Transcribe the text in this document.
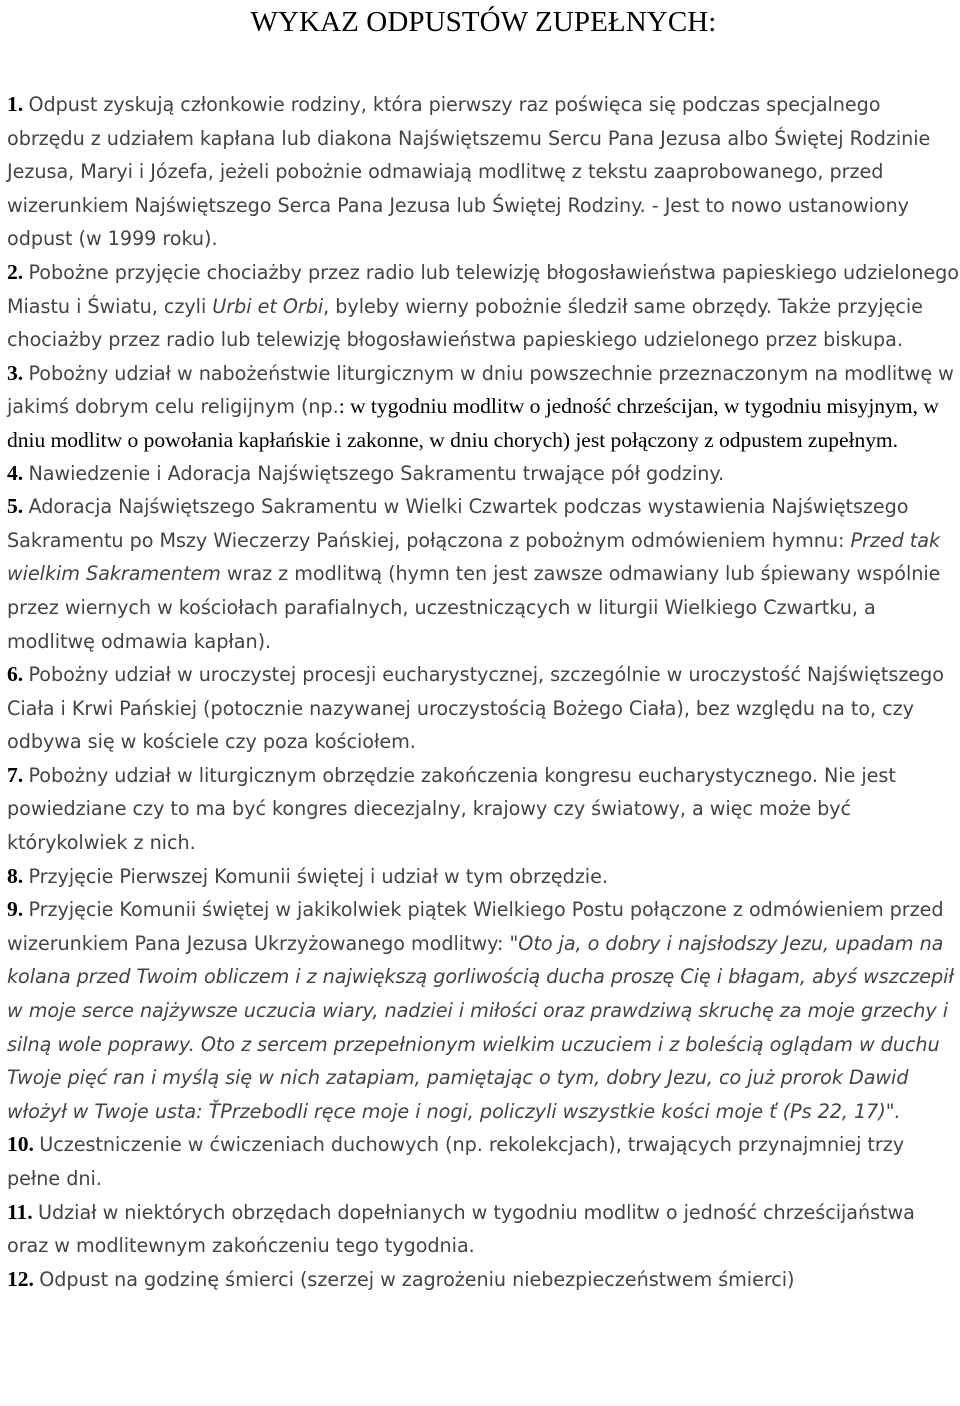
WYKAZ ODPUSTÓW ZUPEŁNYCH:

1. Odpust zyskują członkowie rodziny, która pierwszy raz poświęca się podczas specjalnego obrzędu z udziałem kapłana lub diakona Najświętszemu Sercu Pana Jezusa albo Świętej Rodzinie Jezusa, Maryi i Józefa, jeżeli pobożnie odmawiają modlitwę z tekstu zaaprobowanego, przed wizerunkiem Najświętszego Serca Pana Jezusa lub Świętej Rodziny. - Jest to nowo ustanowiony odpust (w 1999 roku).

2. Pobożne przyjęcie chociażby przez radio lub telewizję błogosławieństwa papieskiego udzielonego Miastu i Światu, czyli Urbi et Orbi, byleby wierny pobożnie śledził same obrzędy. Także przyjęcie chociażby przez radio lub telewizję błogosławieństwa papieskiego udzielonego przez biskupa.

3. Pobożny udział w nabożeństwie liturgicznym w dniu powszechnie przeznaczonym na modlitwę w jakimś dobrym celu religijnym (np.: w tygodniu modlitw o jedność chrześcijan, w tygodniu misyjnym, w dniu modlitw o powołania kapłańskie i zakonne, w dniu chorych) jest połączony z odpustem zupełnym.

4. Nawiedzenie i Adoracja Najświętszego Sakramentu trwające pół godziny.

5. Adoracja Najświętszego Sakramentu w Wielki Czwartek podczas wystawienia Najświętszego Sakramentu po Mszy Wieczerzy Pańskiej, połączona z pobożnym odmówieniem hymnu: Przed tak wielkim Sakramentem wraz z modlitwą (hymn ten jest zawsze odmawiany lub śpiewany wspólnie przez wiernych w kościołach parafialnych, uczestniczących w liturgii Wielkiego Czwartku, a modlitwę odmawia kapłan).

6. Pobożny udział w uroczystej procesji eucharystycznej, szczególnie w uroczystość Najświętszego Ciała i Krwi Pańskiej (potocznie nazywanej uroczystością Bożego Ciała), bez względu na to, czy odbywa się w kościele czy poza kościołem.

7. Pobożny udział w liturgicznym obrzędzie zakończenia kongresu eucharystycznego. Nie jest powiedziane czy to ma być kongres diecezjalny, krajowy czy światowy, a więc może być którykolwiek z nich.

8. Przyjęcie Pierwszej Komunii świętej i udział w tym obrzędzie.

9. Przyjęcie Komunii świętej w jakikolwiek piątek Wielkiego Postu połączone z odmówieniem przed wizerunkiem Pana Jezusa Ukrzyżowanego modlitwy: "Oto ja, o dobry i najsłodszy Jezu, upadam na kolana przed Twoim obliczem i z największą gorliwością ducha proszę Cię i błagam, abyś wszczepił w moje serce najżywsze uczucia wiary, nadziei i miłości oraz prawdziwą skruchę za moje grzechy i silną wole poprawy. Oto z sercem przepełnionym wielkim uczuciem i z boleścią oglądam w duchu Twoje pięć ran i myślą się w nich zatapiam, pamiętając o tym, dobry Jezu, co już prorok Dawid włożył w Twoje usta: ŤPrzebodli ręce moje i nogi, policzyli wszystkie kości moje ť (Ps 22, 17)".

10. Uczestniczenie w ćwiczeniach duchowych (np. rekolekcjach), trwających przynajmniej trzy pełne dni.

11. Udział w niektórych obrzędach dopełnianych w tygodniu modlitw o jedność chrześcijaństwa oraz w modlitewnym zakończeniu tego tygodnia.

12. Odpust na godzinę śmierci (szerzej w zagrożeniu niebezpieczeństwem śmierci)
